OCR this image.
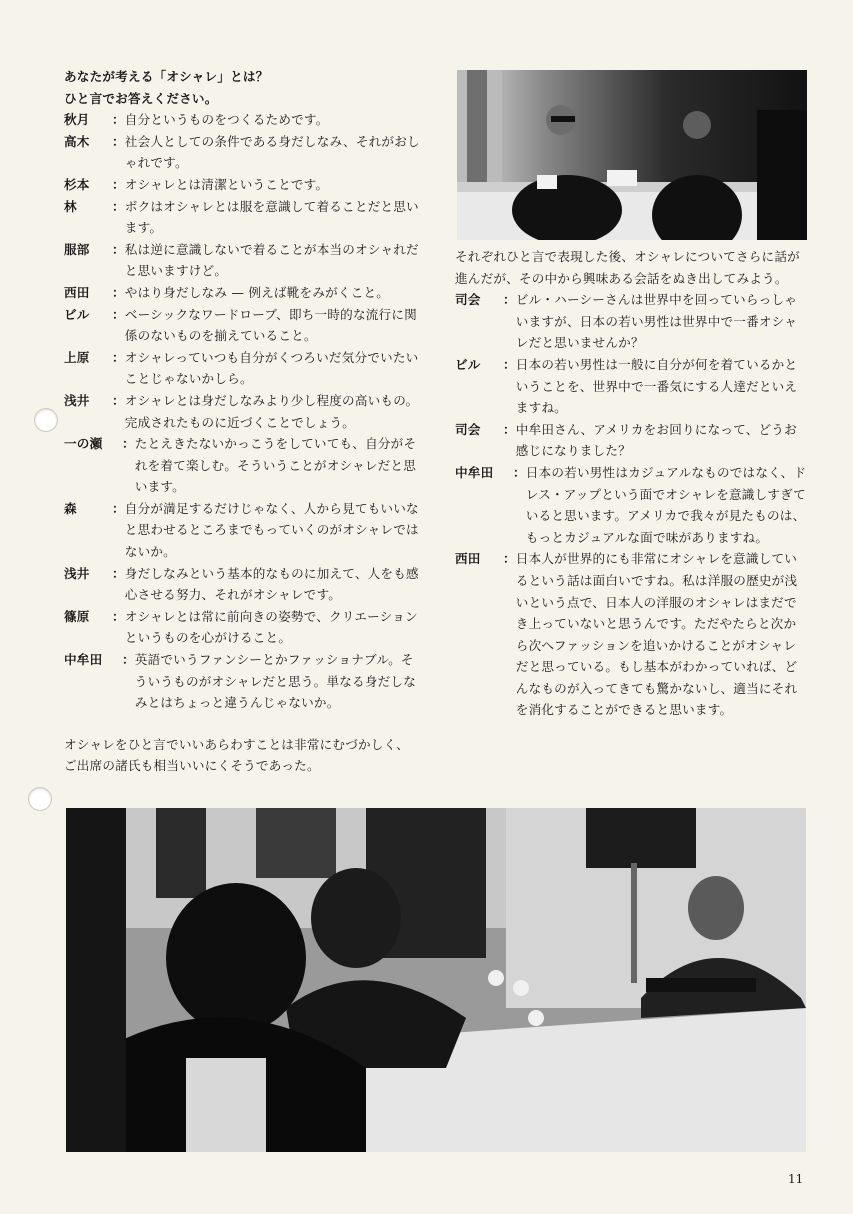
あなたが考える「オシャレ」とは？
ひと言でお答えください。
秋月	： 自分というものをつくるためです。
高木	： 社会人としての条件である身だしなみ、それがおしゃれです。
杉本	： オシャレとは清潔ということです。
林	： ボクはオシャレとは服を意識して着ることだと思います。
服部	： 私は逆に意識しないで着ることが本当のオシャれだと思いますけど。
西田	： やはり身だしなみ — 例えば靴をみがくこと。
ビル	： ベーシックなワードローブ、即ち一時的な流行に関係のないものを揃えていること。
上原	： オシャレっていつも自分がくつろいだ気分でいたいことじゃないかしら。
浅井	： オシャレとは身だしなみより少し程度の高いもの。完成されたものに近づくことでしょう。
一の瀬	： たとえきたないかっこうをしていても、自分がそれを着て楽しむ。そういうことがオシャレだと思います。
森	： 自分が満足するだけじゃなく、人から見てもいいなと思わせるところまでもっていくのがオシャレではないか。
浅井	： 身だしなみという基本的なものに加えて、人をも感心させる努力、それがオシャレです。
篠原	： オシャレとは常に前向きの姿勢で、クリエーションというものを心がけること。
中牟田	： 英語でいうファンシーとかファッショナブル。そういうものがオシャレだと思う。単なる身だしなみとはちょっと違うんじゃないか。
オシャレをひと言でいいあらわすことは非常にむづかしく、ご出席の諸氏も相当いいにくそうであった。
それぞれひと言で表現した後、オシャレについてさらに話が進んだが、その中から興味ある会話をぬき出してみよう。
司会	： ビル・ハーシーさんは世界中を回っていらっしゃいますが、日本の若い男性は世界中で一番オシャレだと思いませんか？
ビル	： 日本の若い男性は一般に自分が何を着ているかということを、世界中で一番気にする人達だといえますね。
司会	： 中牟田さん、アメリカをお回りになって、どうお感じになりました？
中牟田	： 日本の若い男性はカジュアルなものではなく、ドレス・アップという面でオシャレを意識しすぎていると思います。アメリカで我々が見たものは、もっとカジュアルな面で味がありますね。
西田	： 日本人が世界的にも非常にオシャレを意識しているという話は面白いですね。私は洋服の歴史が浅いという点で、日本人の洋服のオシャレはまだでき上っていないと思うんです。ただやたらと次から次へファッションを追いかけることがオシャレだと思っている。もし基本がわかっていれば、どんなものが入ってきても驚かないし、適当にそれを消化することができると思います。
11
